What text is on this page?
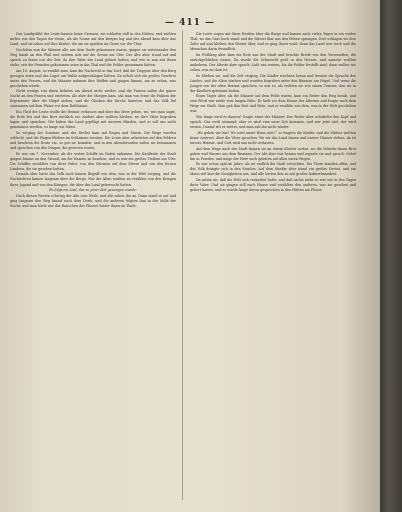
— 411 —

Das Landgefühl der Leute kannte keine Grenzen; sie schliefen still in den Hütten, und wußten nichts von den Tagen der Reise, als die Sonne auf den Bergen lag und der Abend kam über das Land, und sie sahen auf ihre Kinder, die um sie spielten im Grase vor der Thür.

Nachdem nun die Männer alle aus dem Dorfe gekommen waren, gingen sie miteinander den Weg hinab an den Fluß und setzten sich auf die Steine am Ufer. Der Alte aber stand auf und sprach zu ihnen von der Zeit, da ihre Väter das Land gebaut hatten, und wie es nun mit ihnen stehe, seit die Fremden gekommen seien in das Thal und die Felder genommen hätten.

Am 18. August, so erzählt man, kam die Nachricht in das Dorf, daß die Truppen über den Berg gezogen seien und das Lager am Walde aufgeschlagen hätten. Da erhob sich ein großes Geschrei unter den Frauen, und die Männer nahmen ihre Waffen und gingen hinaus, um zu sehen, was geschehen würde.

Nicht wenige von ihnen kehrten am Abend nicht wieder, und die Frauen saßen die ganze Nacht an den Feuern und warteten. Als aber der Morgen kam, sah man von ferne die Fahnen der Regimenter über die Hügel ziehen, und die Glocken der Kirche läuteten, und das Volk lief zusammen auf dem Platze vor dem Rathhause.

Ein Theil der Leute wollte die Heimat verlassen und über das Meer gehen, wo, wie man sagte, die Erde frei und das Brot reichlich sei. Andere aber wollten bleiben, wo ihre Väter begraben lagen, und sprachen: Wir haben das Land gepflügt mit unseren Händen, und es soll uns nicht genommen werden, so lange wir leben.

So verging der Sommer, und der Herbst kam mit Regen und Sturm. Die Wege wurden schlecht, und die Wagen blieben im Schlamme stecken. Die Leute aber arbeiteten auf den Feldern und brachten die Ernte ein, so gut sie konnten, und in den Abendstunden saßen sie beisammen und sprachen von den Dingen, die gewesen waren.

Es war am 7. November, als die ersten Schiffe im Hafen ankamen. Die Kaufleute der Stadt gingen hinaus an den Strand, um die Waaren zu besehen, und es war ein großes Treiben am Ufer. Die Schiffer erzählten von ihrer Fahrt, von den Stürmen auf dem Meere und von den fernen Ländern, die sie gesehen hatten.

Damals aber hatte das Volk noch keinen Begriff von dem, was in der Welt vorging, und die Nachrichten kamen langsam über die Berge. Nur die Alten wußten zu erzählen von den Kriegen ihrer Jugend und von den Königen, die über das Land geherrscht hatten.

Es folgt ein Lied, das zu jener Zeit gesungen wurde:

Nach diesen Worten schwieg der Alte eine Weile, und alle sahen ihn an. Dann stand er auf und ging langsam den Weg hinauf nach dem Dorfe, und die anderen folgten ihm in der Stille der Nacht, und man hörte nur das Rauschen des Flusses hinter ihnen im Thale.

Die Leute zogen mit ihren Herden über die Berge und kamen nach vielen Tagen in ein weites Thal, wo das Gras hoch stand und die Wasser klar aus den Felsen sprangen. Dort schlugen sie ihre Zelte auf und blieben den Winter über, und es ging ihnen wohl, denn das Land war reich und die Menschen darin freundlich.

Im Frühling aber kam ein Bote aus der Stadt und brachte Briefe von den Verwandten, die zurückgeblieben waren. Da wurde die Sehnsucht groß in den Herzen, und manche wollten umkehren. Der Älteste aber sprach: Laßt uns warten, bis die Felder bestellt sind; dann wollen wir sehen, was zu thun ist.

So blieben sie, und die Zeit verging. Die Kinder wuchsen heran und lernten die Sprache des Landes, und die Alten starben und wurden begraben unter den Bäumen am Hügel. Und wenn die Jungen von der alten Heimat sprachen, so war es, als redeten sie von einem Traume, den sie in der Kindheit geträumt hatten.

Eines Tages aber, als die Männer auf dem Felde waren, kam ein Reiter den Weg herab, und sein Pferd war müde vom langen Ritte. Er hielt vor dem Hause des Ältesten und fragte nach dem Wege zur Stadt. Man gab ihm Brot und Wein, und er erzählte von dem, was in der Welt geschehen war.

Wie lange wird es dauern? fragte einer der Männer. Der Reiter aber schüttelte den Kopf und sprach: Das weiß niemand; aber es wird eine neue Zeit kommen, und wer jetzt säet, der wird ernten. Darauf ritt er weiter, und man sah ihn nicht wieder.

„Wo gehen wir hin? Wo wird unser Heim sein?“ so fragten die Kinder, und die Mütter wußten keine Antwort. Aber die Väter sprachen: Wo wir das Land bauen und unsere Häuser stehen, da ist unsere Heimat, und Gott wird uns nicht verlassen.

Auf dem Wege nach der Stadt kamen sie an einem Kloster vorbei, wo die Mönche ihnen Brot gaben und Wasser aus dem Brunnen. Der Abt aber trat heraus und segnete sie und sprach: Gehet hin in Frieden, und möge der Herr euch geleiten auf allen euren Wegen.

Es war schon spät im Jahre, als sie endlich die Stadt erreichten. Die Thore standen offen, und das Volk drängte sich in den Straßen. Auf dem Markte aber stand ein großes Gerüst, und ein Mann rief laut die Neuigkeiten aus, und alle hörten ihm zu mit großer Aufmerksamkeit.

Da sahen sie, daß die Welt sich verändert hatte, und daß nichts mehr so war wie in den Tagen ihrer Väter. Und sie gingen still nach Hause und erzählten den anderen, was sie gesehen und gehört hatten, und es wurde lange davon gesprochen in den Hütten am Flusse.
